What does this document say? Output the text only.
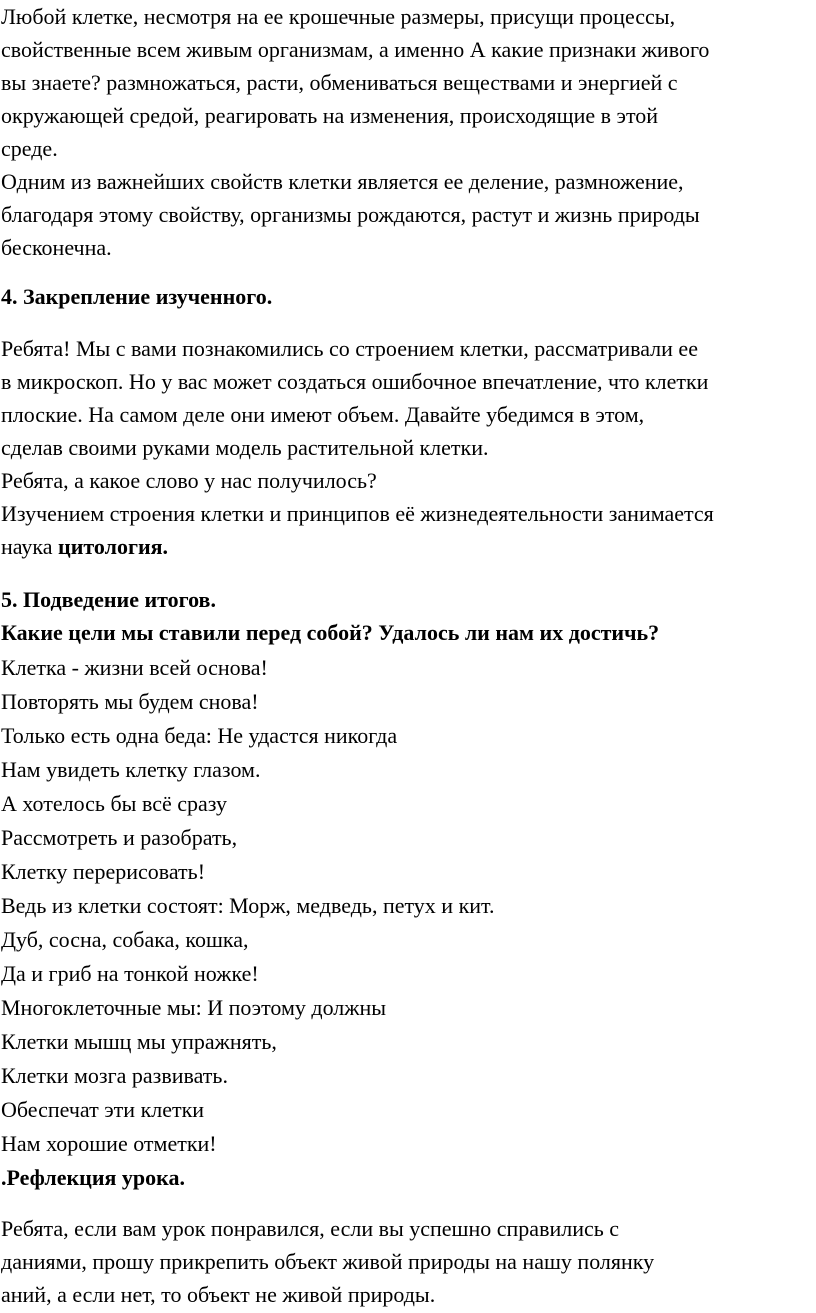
Любой клетке, несмотря на ее крошечные размеры, присущи процессы,

свойственные всем живым организмам, а именно А какие признаки живого

вы знаете? размножаться, расти, обмениваться веществами и энергией с

окружающей средой, реагировать на изменения, происходящие в этой

среде.

Одним из важнейших свойств клетки является ее деление, размножение,

благодаря этому свойству, организмы рождаются, растут и жизнь природы

бесконечна.

4. Закрепление изученного.

Ребята! Мы с вами познакомились со строением клетки, рассматривали ее

в микроскоп. Но у вас может создаться ошибочное впечатление, что клетки

плоские. На самом деле они имеют объем. Давайте убедимся в этом,

сделав своими руками модель растительной клетки.

Ребята, а какое слово у нас получилось?

Изучением строения клетки и принципов её жизнедеятельности занимается

наука цитология.

5. Подведение итогов.

Какие цели мы ставили перед собой? Удалось ли нам их достичь?

Клетка - жизни всей основа!

Повторять мы будем снова!

Только есть одна беда: Не удастся никогда

Нам увидеть клетку глазом.

А хотелось бы всё сразу

Рассмотреть и разобрать,

Клетку перерисовать!

Ведь из клетки состоят: Морж, медведь, петух и кит.

Дуб, сосна, собака, кошка,

Да и гриб на тонкой ножке!

Многоклеточные мы: И поэтому должны

Клетки мышц мы упражнять,

Клетки мозга развивать.

Обеспечат эти клетки

Нам хорошие отметки!

.Рефлекция урока.

Ребята, если вам урок понравился, если вы успешно справились с

даниями, прошу прикрепить объект живой природы на нашу полянку

аний, а если нет, то объект не живой природы.
